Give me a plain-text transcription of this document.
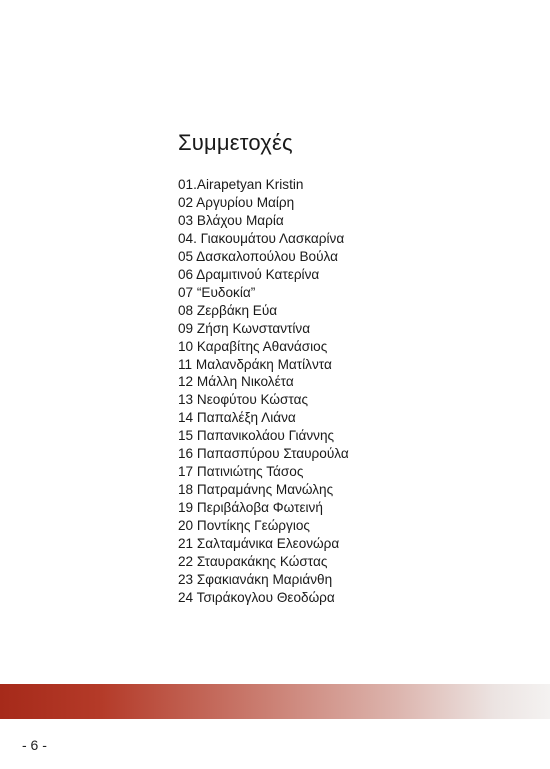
Συμμετοχές
01.Airapetyan Kristin
02 Αργυρίου Μαίρη
03 Βλάχου Μαρία
04. Γιακουμάτου Λασκαρίνα
05 Δασκαλοπούλου Βούλα
06 Δραμιτινού Κατερίνα
07 “Ευδοκία”
08 Ζερβάκη Εύα
09 Ζήση Κωνσταντίνα
10 Καραβίτης Αθανάσιος
11 Μαλανδράκη Ματίλντα
12 Μάλλη Νικολέτα
13 Νεοφύτου Κώστας
14 Παπαλέξη Λιάνα
15 Παπανικολάου Γιάννης
16 Παπασπύρου Σταυρούλα
17 Πατινιώτης Τάσος
18 Πατραμάνης Μανώλης
19 Περιβάλοβα Φωτεινή
20 Ποντίκης Γεώργιος
21 Σαλταμάνικα Ελεονώρα
22 Σταυρακάκης Κώστας
23 Σφακιανάκη Μαριάνθη
24 Τσιράκογλου Θεοδώρα
- 6 -
